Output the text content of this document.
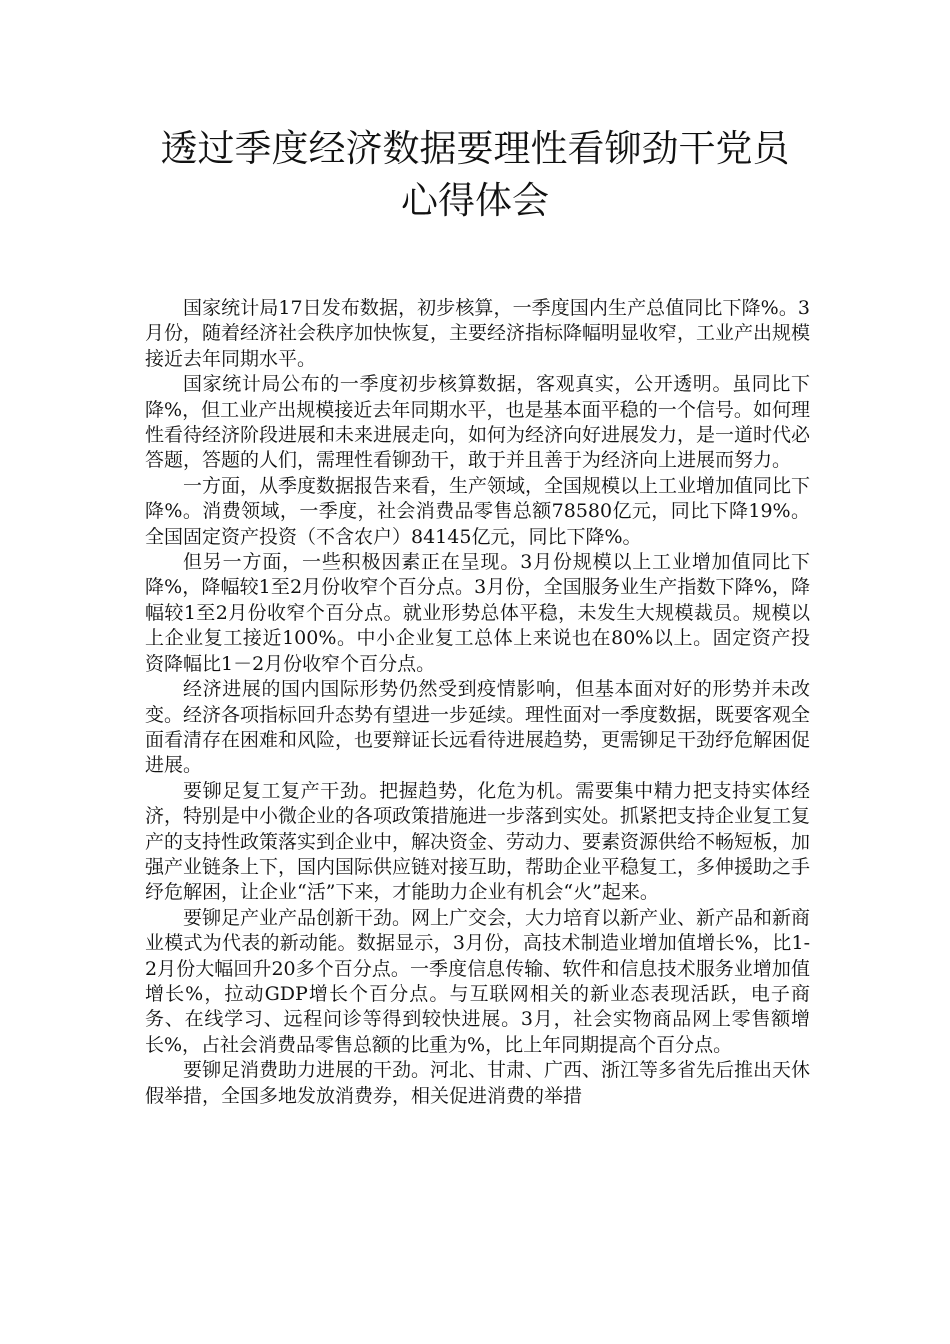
透过季度经济数据要理性看铆劲干党员
心得体会

国家统计局17日发布数据，初步核算，一季度国内生产总值同比下降%。3月份，随着经济社会秩序加快恢复，主要经济指标降幅明显收窄，工业产出规模接近去年同期水平。

国家统计局公布的一季度初步核算数据，客观真实，公开透明。虽同比下降%，但工业产出规模接近去年同期水平，也是基本面平稳的一个信号。如何理性看待经济阶段进展和未来进展走向，如何为经济向好进展发力，是一道时代必答题，答题的人们，需理性看铆劲干，敢于并且善于为经济向上进展而努力。

一方面，从季度数据报告来看，生产领域，全国规模以上工业增加值同比下降%。消费领域，一季度，社会消费品零售总额78580亿元，同比下降19%。全国固定资产投资（不含农户）84145亿元，同比下降%。

但另一方面，一些积极因素正在呈现。3月份规模以上工业增加值同比下降%，降幅较1至2月份收窄个百分点。3月份，全国服务业生产指数下降%，降幅较1至2月份收窄个百分点。就业形势总体平稳，未发生大规模裁员。规模以上企业复工接近100%。中小企业复工总体上来说也在80%以上。固定资产投资降幅比1－2月份收窄个百分点。

经济进展的国内国际形势仍然受到疫情影响，但基本面对好的形势并未改变。经济各项指标回升态势有望进一步延续。理性面对一季度数据，既要客观全面看清存在困难和风险，也要辩证长远看待进展趋势，更需铆足干劲纾危解困促进展。

要铆足复工复产干劲。把握趋势，化危为机。需要集中精力把支持实体经济，特别是中小微企业的各项政策措施进一步落到实处。抓紧把支持企业复工复产的支持性政策落实到企业中，解决资金、劳动力、要素资源供给不畅短板，加强产业链条上下，国内国际供应链对接互助，帮助企业平稳复工，多伸援助之手纾危解困，让企业“活”下来，才能助力企业有机会“火”起来。

要铆足产业产品创新干劲。网上广交会，大力培育以新产业、新产品和新商业模式为代表的新动能。数据显示，3月份，高技术制造业增加值增长%，比1-2月份大幅回升20多个百分点。一季度信息传输、软件和信息技术服务业增加值增长%，拉动GDP增长个百分点。与互联网相关的新业态表现活跃，电子商务、在线学习、远程问诊等得到较快进展。3月，社会实物商品网上零售额增长%，占社会消费品零售总额的比重为%，比上年同期提高个百分点。

要铆足消费助力进展的干劲。河北、甘肃、广西、浙江等多省先后推出天休假举措，全国多地发放消费券，相关促进消费的举措
